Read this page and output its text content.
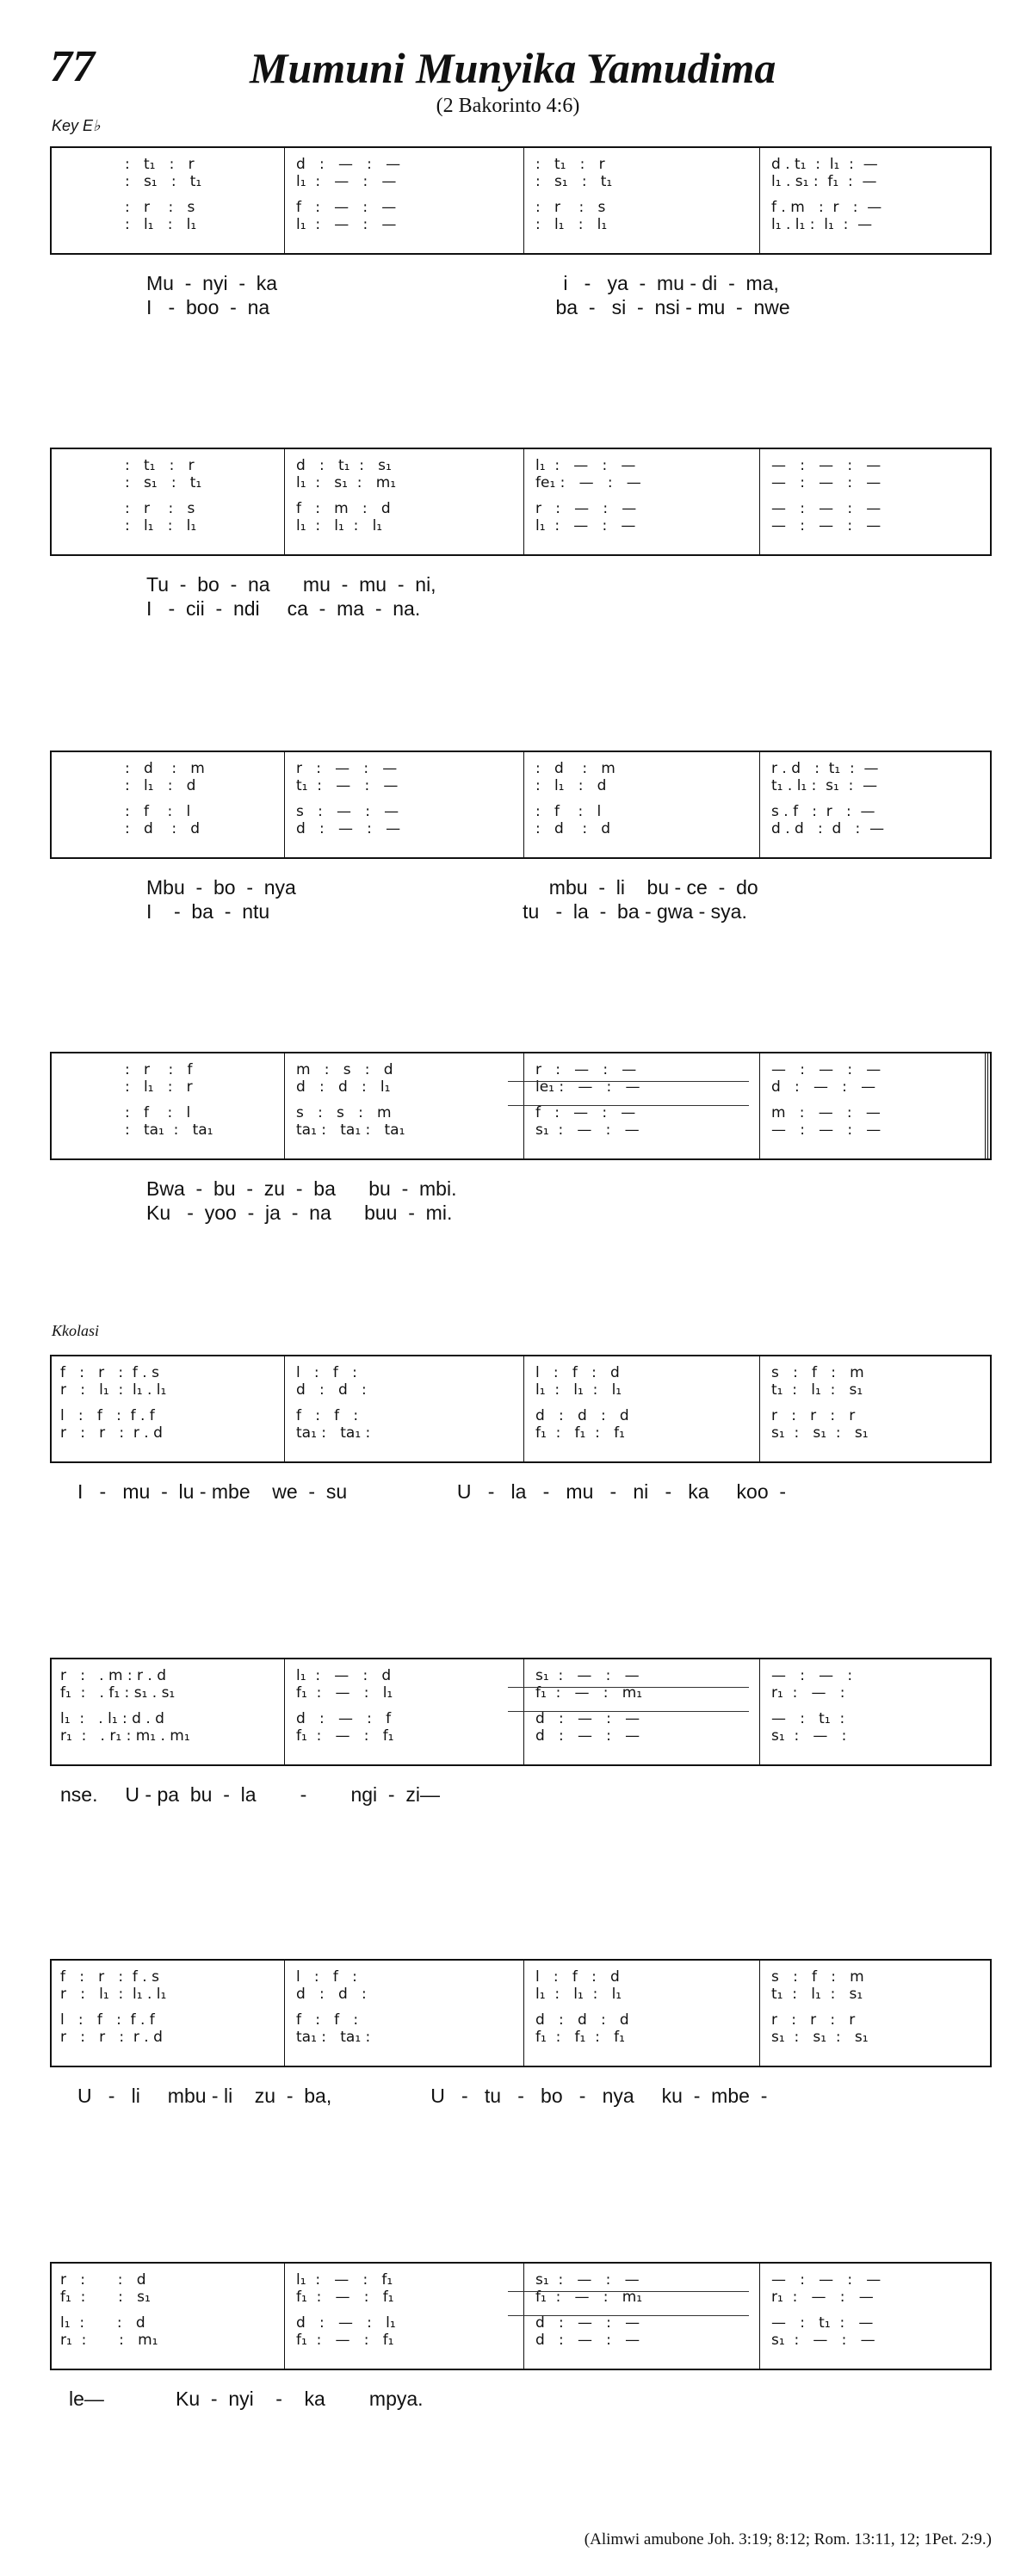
77	Mumuni Munyika Yamudima
(2 Bakorinto 4:6)
Key E♭
Kkolasi
(Alimwi amubone Joh. 3:19; 8:12; Rom. 13:11, 12; 1Pet. 2:9.)
:   t₁   :   r	d   :   —   :   —	:   t₁   :   r	d . t₁  :  l₁  :  —
:   s₁   :   t₁	l₁  :   —   :   —	:   s₁   :   t₁	l₁ . s₁ :  f₁  :  —
:   r    :   s	f   :   —   :   —	:   r    :   s	f . m   :  r   :  —
:   l₁   :   l₁	l₁  :   —   :   —	:   l₁   :   l₁	l₁ . l₁ :  l₁  :  —
Mu  -  nyi  -  ka                                                    i   -   ya  -  mu - di  -  ma,
I   -  boo  -  na                                                    ba  -   si  -  nsi - mu  -  nwe
:   t₁   :   r	d   :   t₁  :   s₁	l₁  :   —   :   —	—   :   —   :   —
:   s₁   :   t₁	l₁  :   s₁  :   m₁	fe₁ :   —   :   —	—   :   —   :   —
:   r    :   s	f   :   m   :   d	r   :   —   :   —	—   :   —   :   —
:   l₁   :   l₁	l₁  :   l₁  :   l₁	l₁  :   —   :   —	—   :   —   :   —
Tu  -  bo  -  na      mu  -  mu  -  ni,
I   -  cii  -  ndi     ca  -  ma  -  na.
:   d    :   m	r   :   —   :   —	:   d    :   m	r . d   :  t₁  :  —
:   l₁   :   d	t₁  :   —   :   —	:   l₁   :   d	t₁ . l₁ :  s₁  :  —
:   f    :   l	s   :   —   :   —	:   f    :   l	s . f   :  r   :  —
:   d    :   d	d   :   —   :   —	:   d    :   d	d . d   :  d   :  —
Mbu  -  bo  -  nya                                              mbu  -  li    bu - ce  -  do
I    -  ba  -  ntu                                              tu   -  la  -  ba - gwa - sya.
:   r    :   f	m   :   s   :   d	r   :   —   :   —	—   :   —   :   —
:   l₁   :   r	d   :   d   :   l₁	le₁ :   —   :   —	d   :   —   :   —
:   f    :   l	s   :   s   :   m	f   :   —   :   —	m   :   —   :   —
:   ta₁  :   ta₁	ta₁ :   ta₁ :   ta₁	s₁  :   —   :   —	—   :   —   :   —
Bwa  -  bu  -  zu  -  ba      bu  -  mbi.
Ku   -  yoo  -  ja  -  na      buu  -  mi.
f   :   r   :  f . s	l   :   f   :	l   :   f   :   d	s   :   f   :   m
r   :   l₁  :  l₁ . l₁	d   :   d   :	l₁  :   l₁  :   l₁	t₁  :   l₁  :   s₁
l   :   f   :  f . f	f   :   f   :	d   :   d   :   d	r   :   r   :   r
r   :   r   :  r . d	ta₁ :   ta₁ :	f₁  :   f₁  :   f₁	s₁  :   s₁  :   s₁
I   -   mu  -  lu - mbe    we  -  su                    U   -   la   -   mu   -   ni   -   ka     koo  -
r   :   . m : r . d	l₁  :   —   :   d	s₁  :   —   :   —	—   :   —   :
f₁  :   . f₁ : s₁ . s₁	f₁  :   —   :   l₁	f₁  :   —   :   m₁	r₁  :   —   :
l₁  :   . l₁ : d . d	d   :   —   :   f	d   :   —   :   —	—   :   t₁  :
r₁  :   . r₁ : m₁ . m₁	f₁  :   —   :   f₁	d   :   —   :   —	s₁  :   —   :
nse.     U - pa  bu  -  la        -        ngi  -  zi—
f   :   r   :  f . s	l   :   f   :	l   :   f   :   d	s   :   f   :   m
r   :   l₁  :  l₁ . l₁	d   :   d   :	l₁  :   l₁  :   l₁	t₁  :   l₁  :   s₁
l   :   f   :  f . f	f   :   f   :	d   :   d   :   d	r   :   r   :   r
r   :   r   :  r . d	ta₁ :   ta₁ :	f₁  :   f₁  :   f₁	s₁  :   s₁  :   s₁
U   -   li     mbu - li    zu  -  ba,                  U   -   tu   -   bo   -   nya     ku  -  mbe  -
r   :       :   d	l₁  :   —   :   f₁	s₁  :   —   :   —	—   :   —   :   —
f₁  :       :   s₁	f₁  :   —   :   f₁	f₁  :   —   :   m₁	r₁  :   —   :   —
l₁  :       :   d	d   :   —   :   l₁	d   :   —   :   —	—   :   t₁  :   —
r₁  :       :   m₁	f₁  :   —   :   f₁	d   :   —   :   —	s₁  :   —   :   —
le—             Ku  -  nyi    -    ka        mpya.
